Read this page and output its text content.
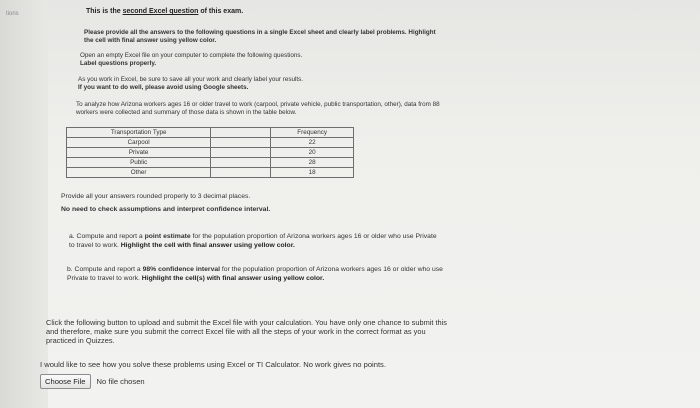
tions	This is the second Excel question of this exam.
Please provide all the answers to the following questions in a single Excel sheet and clearly label problems. Highlight the cell with final answer using yellow color.
Open an empty Excel file on your computer to complete the following questions.
Label questions properly.
As you work in Excel, be sure to save all your work and clearly label your results.
If you want to do well, please avoid using Google sheets.
To analyze how Arizona workers ages 16 or older travel to work (carpool, private vehicle, public transportation, other), data from 88 workers were collected and summary of those data is shown in the table below.
Transportation Type		Frequency
Carpool		22
Private		20
Public		28
Other		18
Provide all your answers rounded properly to 3 decimal places.
No need to check assumptions and interpret confidence interval.
a. Compute and report a point estimate for the population proportion of Arizona workers ages 16 or older who use Private to travel to work. Highlight the cell with final answer using yellow color.
b. Compute and report a 98% confidence interval for the population proportion of Arizona workers ages 16 or older who use Private to travel to work. Highlight the cell(s) with final answer using yellow color.
Click the following button to upload and submit the Excel file with your calculation. You have only one chance to submit this and therefore, make sure you submit the correct Excel file with all the steps of your work in the correct format as you practiced in Quizzes.
I would like to see how you solve these problems using Excel or TI Calculator. No work gives no points.
Choose File	No file chosen
